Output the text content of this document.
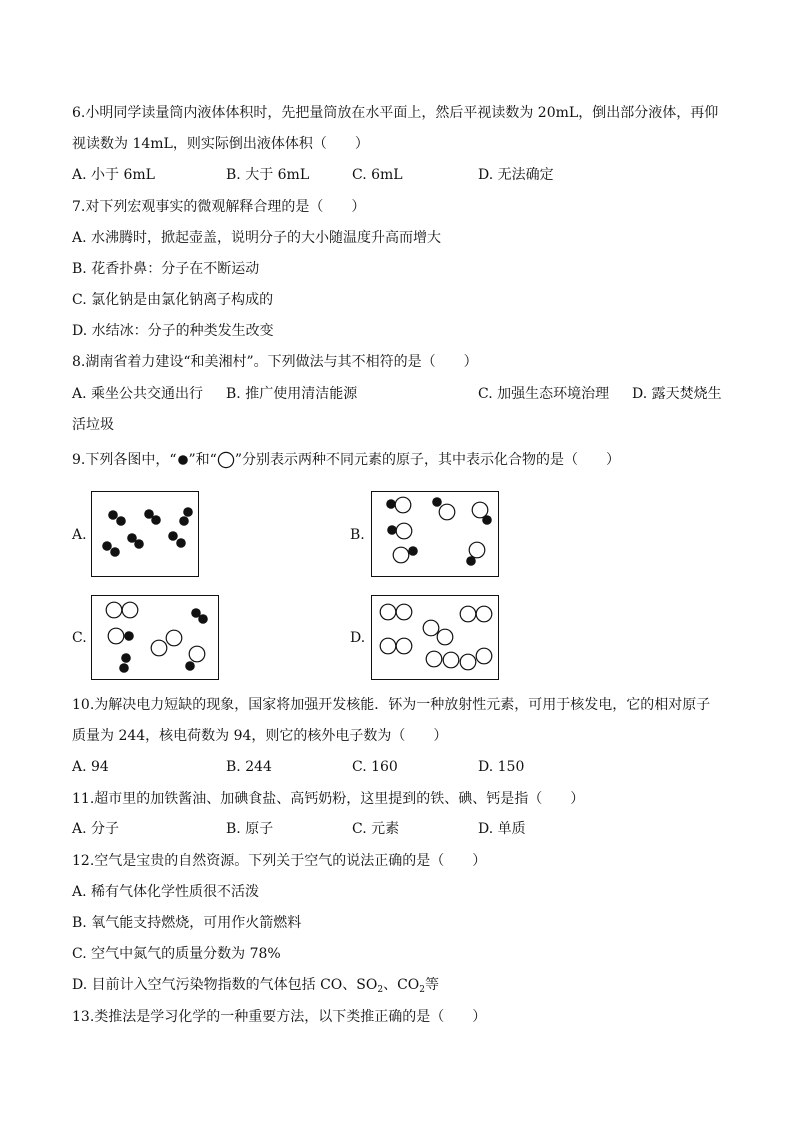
6.小明同学读量筒内液体体积时，先把量筒放在水平面上，然后平视读数为 20mL，倒出部分液体，再仰
视读数为 14mL，则实际倒出液体体积（　　）
A. 小于 6mL	B. 大于 6mL	C. 6mL	D. 无法确定
7.对下列宏观事实的微观解释合理的是（　　）
A. 水沸腾时，掀起壶盖，说明分子的大小随温度升高而增大
B. 花香扑鼻：分子在不断运动
C. 氯化钠是由氯化钠离子构成的
D. 水结冰：分子的种类发生改变
8.湖南省着力建设“和美湘村”。下列做法与其不相符的是（　　）
A. 乘坐公共交通出行 B. 推广使用清洁能源	C. 加强生态环境治理 D. 露天焚烧生
活垃圾
9.下列各图中，“ ”和“ ”分别表示两种不同元素的原子，其中表示化合物的是（　　）
A.	B.
C.	D.
10.为解决电力短缺的现象，国家将加强开发核能．钚为一种放射性元素，可用于核发电，它的相对原子
质量为 244，核电荷数为 94，则它的核外电子数为（　　）
A. 94	B. 244	C. 160	D. 150
11.超市里的加铁酱油、加碘食盐、高钙奶粉，这里提到的铁、碘、钙是指（　　）
A. 分子	B. 原子	C. 元素	D. 单质
12.空气是宝贵的自然资源。下列关于空气的说法正确的是（　　）
A. 稀有气体化学性质很不活泼
B. 氧气能支持燃烧，可用作火箭燃料
C. 空气中氮气的质量分数为 78%
D. 目前计入空气污染物指数的气体包括 CO、$SO_2$、$CO_2$等
13.类推法是学习化学的一种重要方法，以下类推正确的是（　　）
